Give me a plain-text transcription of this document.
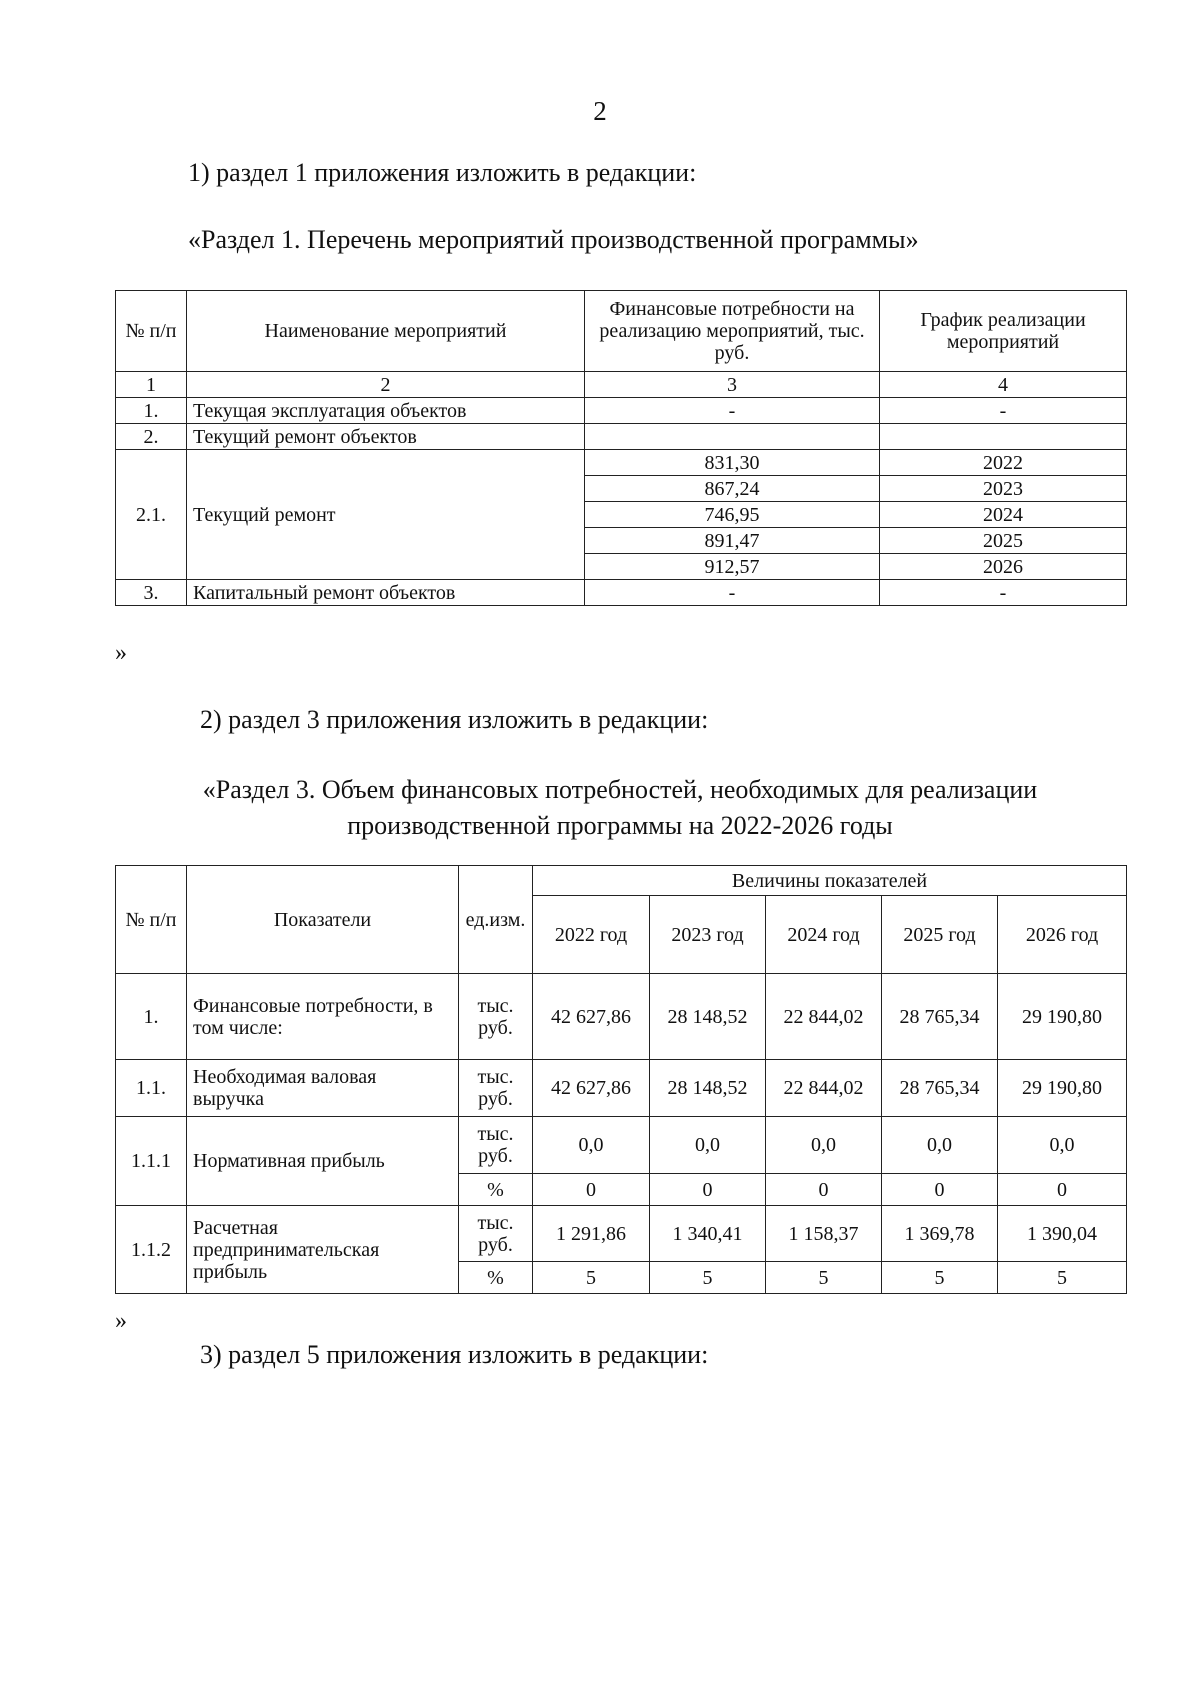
2
1) раздел 1 приложения изложить в редакции:
«Раздел 1. Перечень мероприятий производственной программы»
№ п/п	Наименование мероприятий	Финансовые потребности на реализацию мероприятий, тыс. руб.	График реализации мероприятий
1	2	3	4
1.	Текущая эксплуатация объектов	-	-
2.	Текущий ремонт объектов		
2.1.	Текущий ремонт	831,30	2022
		867,24	2023
		746,95	2024
		891,47	2025
		912,57	2026
3.	Капитальный ремонт объектов	-	-
»
2) раздел 3 приложения изложить в редакции:
«Раздел 3. Объем финансовых потребностей, необходимых для реализации
производственной программы на 2022-2026 годы
№ п/п	Показатели	ед.изм.	Величины показателей				
			2022 год	2023 год	2024 год	2025 год	2026 год
1.	Финансовые потребности, в том числе:	тыс. руб.	42 627,86	28 148,52	22 844,02	28 765,34	29 190,80
1.1.	Необходимая валовая выручка	тыс. руб.	42 627,86	28 148,52	22 844,02	28 765,34	29 190,80
1.1.1	Нормативная прибыль	тыс. руб.	0,0	0,0	0,0	0,0	0,0
		%	0	0	0	0	0
1.1.2	Расчетная предпринимательская прибыль	тыс. руб.	1 291,86	1 340,41	1 158,37	1 369,78	1 390,04
		%	5	5	5	5	5
»
3) раздел 5 приложения изложить в редакции:
